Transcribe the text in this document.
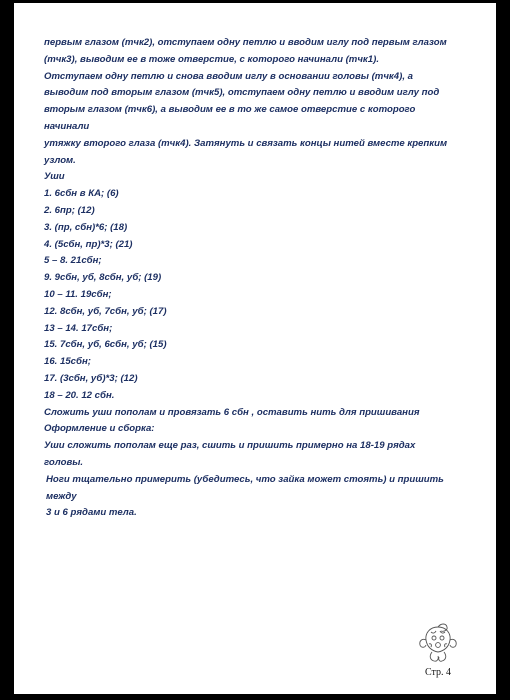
первым глазом (тчк2), отступаем одну петлю и вводим иглу под первым глазом

(тчк3), выводим ее в тоже отверстие, с которого начинали (тчк1).

Отступаем одну петлю и снова вводим иглу в основании головы (тчк4), а

выводим под вторым глазом (тчк5), отступаем одну петлю и вводим иглу под

вторым глазом (тчк6), а выводим ее в то же самое отверстие с которого

начинали

утяжку второго глаза (тчк4). Затянуть и связать концы нитей вместе крепким

узлом.

Уши

1. 6сбн в КА; (6)

2. 6пр; (12)

3. (пр, сбн)*6; (18)

4. (5сбн, пр)*3; (21)

5 – 8. 21сбн;

9. 9сбн, уб, 8сбн, уб; (19)

10 – 11. 19сбн;

12. 8сбн, уб, 7сбн, уб; (17)

13 – 14. 17сбн;

15. 7сбн, уб, 6сбн, уб; (15)

16. 15сбн;

17. (3сбн, уб)*3; (12)

18 – 20. 12 сбн.

Сложить уши пополам и провязать 6 сбн , оставить нить для пришивания

Оформление и сборка:

Уши сложить пополам еще раз, сшить и пришить примерно на 18-19 рядах

головы.

Ноги тщательно примерить (убедитесь, что зайка может стоять) и пришить

между

3 и 6 рядами тела.

Стр. 4
